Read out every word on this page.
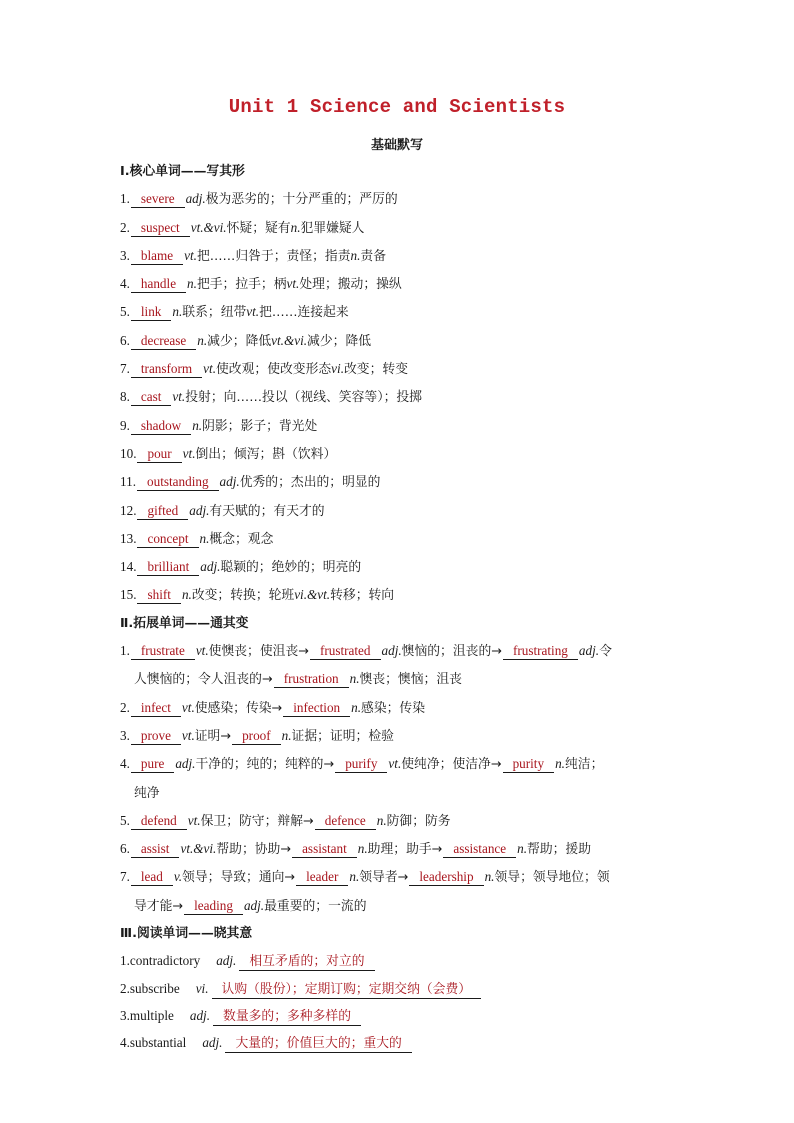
Unit 1 Science and Scientists
基础默写
Ⅰ.核心单词——写其形
1. severe adj.极为恶劣的；十分严重的；严厉的
2. suspect vt.&vi.怀疑；疑有n.犯罪嫌疑人
3. blame vt.把……归咎于；责怪；指责n.责备
4. handle n.把手；拉手；柄vt.处理；搬动；操纵
5. link n.联系；纽带vt.把……连接起来
6. decrease n.减少；降低vt.&vi.减少；降低
7. transform vt.使改观；使改变形态vi.改变；转变
8. cast vt.投射；向……投以（视线、笑容等）；投掷
9. shadow n.阴影；影子；背光处
10. pour vt.倒出；倾泻；斟（饮料）
11. outstanding adj.优秀的；杰出的；明显的
12. gifted adj.有天赋的；有天才的
13. concept n.概念；观念
14. brilliant adj.聪颖的；绝妙的；明亮的
15. shift n.改变；转换；轮班vi.&vt.转移；转向
Ⅱ.拓展单词——通其变
1. frustrate vt.使懊丧；使沮丧→ frustrated adj.懊恼的；沮丧的→ frustrating adj.令
人懊恼的；令人沮丧的→ frustration n.懊丧；懊恼；沮丧
2. infect vt.使感染；传染→ infection n.感染；传染
3. prove vt.证明→ proof n.证据；证明；检验
4. pure adj.干净的；纯的；纯粹的→ purify vt.使纯净；使洁净→ purity n.纯洁；
纯净
5. defend vt.保卫；防守；辩解→ defence n.防御；防务
6. assist vt.&vi.帮助；协助→ assistant n.助理；助手→ assistance n.帮助；援助
7. lead v.领导；导致；通向→ leader n.领导者→ leadership n.领导；领导地位；领
导才能→ leading adj.最重要的；一流的
Ⅲ.阅读单词——晓其意
1.contradictory adj. 相互矛盾的；对立的
2.subscribe vi. 认购（股份）；定期订购；定期交纳（会费）
3.multiple adj. 数量多的；多种多样的
4.substantial adj. 大量的；价值巨大的；重大的
